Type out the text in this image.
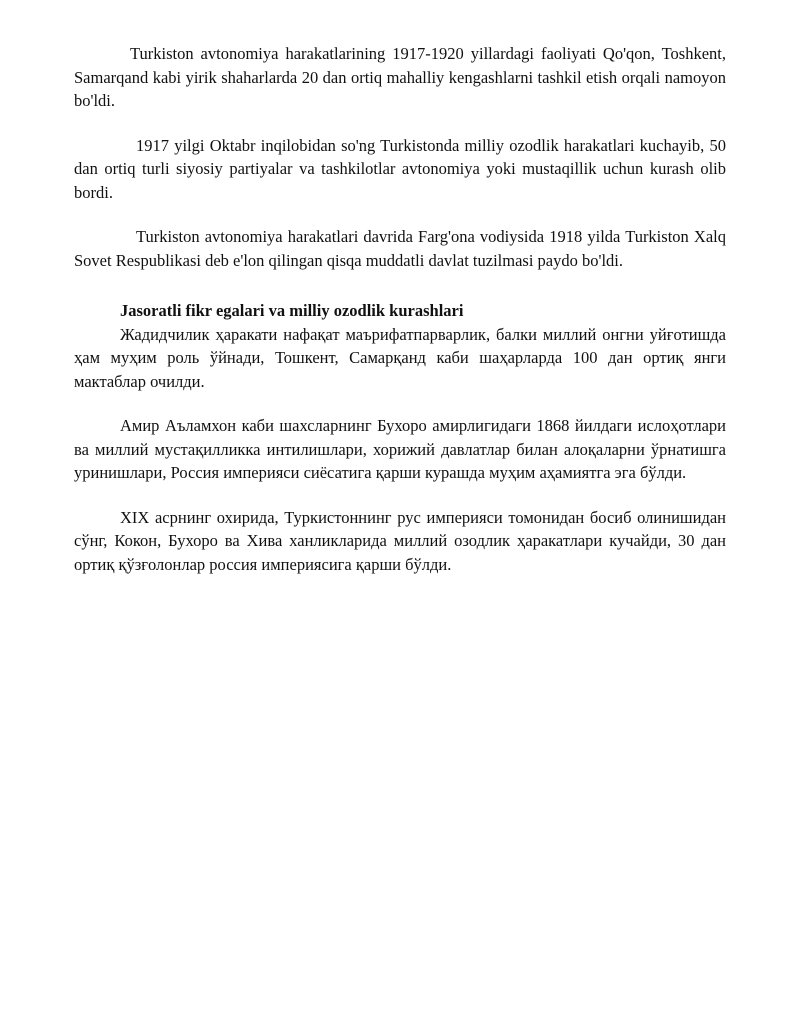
Turkiston avtonomiya harakatlarining 1917-1920 yillardagi faoliyati Qo'qon, Toshkent, Samarqand kabi yirik shaharlarda 20 dan ortiq mahalliy kengashlarni tashkil etish orqali namoyon bo'ldi.

1917 yilgi Oktabr inqilobidan so'ng Turkistonda milliy ozodlik harakatlari kuchayib, 50 dan ortiq turli siyosiy partiyalar va tashkilotlar avtonomiya yoki mustaqillik uchun kurash olib bordi.

Turkiston avtonomiya harakatlari davrida Farg'ona vodiysida 1918 yilda Turkiston Xalq Sovet Respublikasi deb e'lon qilingan qisqa muddatli davlat tuzilmasi paydo bo'ldi.

Jasoratli fikr egalari va milliy ozodlik kurashlari

Жадидчилик ҳаракати нафақат маърифатпарварлик, балки миллий онгни уйғотишда ҳам муҳим роль ўйнади, Тошкент, Самарқанд каби шаҳарларда 100 дан ортиқ янги мактаблар очилди.

Амир Аъламхон каби шахсларнинг Бухоро амирлигидаги 1868 йилдаги ислоҳотлари ва миллий мустақилликка интилишлари, хорижий давлатлар билан алоқаларни ўрнатишга уринишлари, Россия империяси сиёсатига қарши курашда муҳим аҳамиятга эга бўлди.

XIX асрнинг охирида, Туркистоннинг рус империяси томонидан босиб олинишидан сўнг, Кокон, Бухоро ва Хива ханликларида миллий озодлик ҳаракатлари кучайди, 30 дан ортиқ қўзғолонлар россия империясига қарши бўлди.
